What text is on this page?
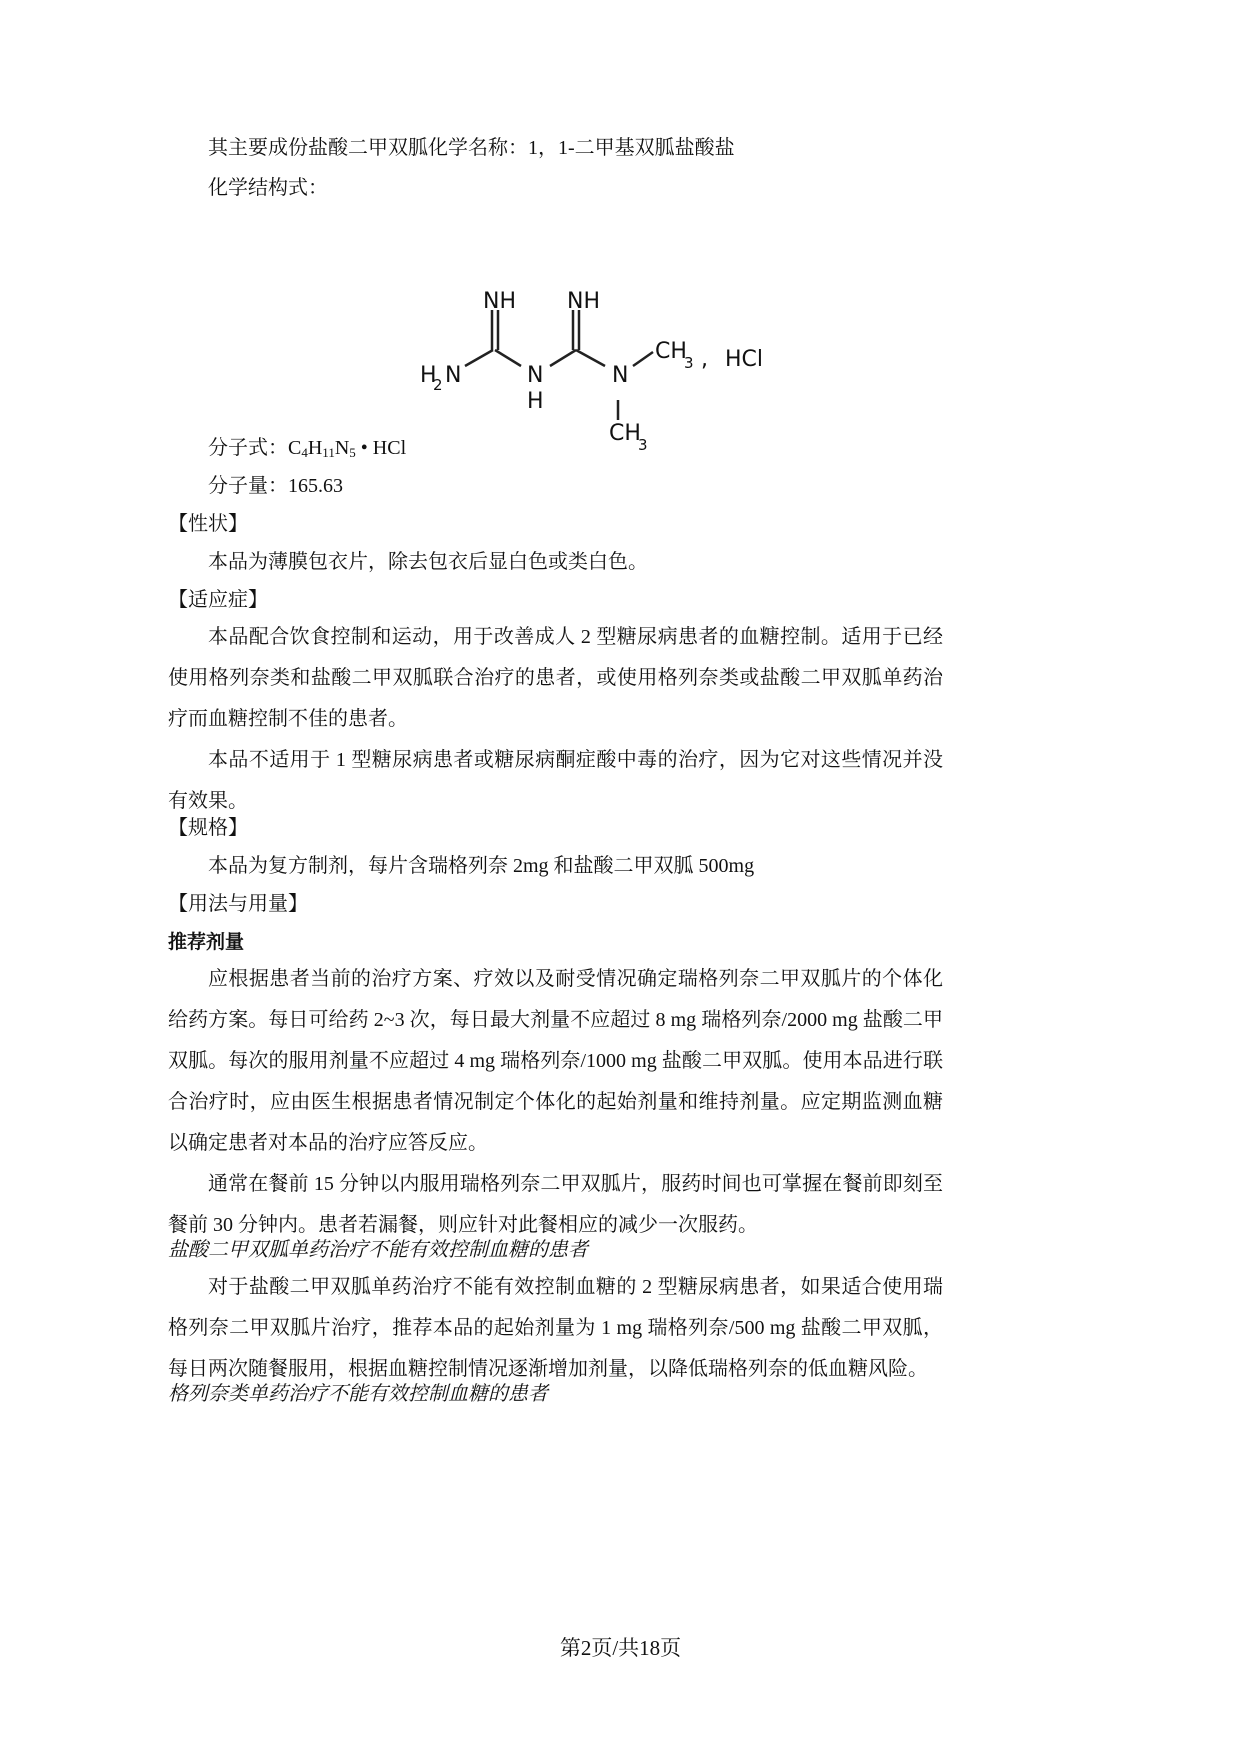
其主要成份盐酸二甲双胍化学名称：1，1-二甲基双胍盐酸盐
化学结构式：
分子式：$C_4H_{11}N_5$ • HCl
分子量：165.63
【性状】
本品为薄膜包衣片，除去包衣后显白色或类白色。
【适应症】
本品配合饮食控制和运动，用于改善成人 2 型糖尿病患者的血糖控制。适用于已经使用格列奈类和盐酸二甲双胍联合治疗的患者，或使用格列奈类或盐酸二甲双胍单药治疗而血糖控制不佳的患者。
本品不适用于 1 型糖尿病患者或糖尿病酮症酸中毒的治疗，因为它对这些情况并没有效果。
【规格】
本品为复方制剂，每片含瑞格列奈 2mg 和盐酸二甲双胍 500mg
【用法与用量】
推荐剂量
应根据患者当前的治疗方案、疗效以及耐受情况确定瑞格列奈二甲双胍片的个体化给药方案。每日可给药 2~3 次，每日最大剂量不应超过 8 mg 瑞格列奈/2000 mg 盐酸二甲双胍。每次的服用剂量不应超过 4 mg 瑞格列奈/1000 mg 盐酸二甲双胍。使用本品进行联合治疗时，应由医生根据患者情况制定个体化的起始剂量和维持剂量。应定期监测血糖以确定患者对本品的治疗应答反应。
通常在餐前 15 分钟以内服用瑞格列奈二甲双胍片，服药时间也可掌握在餐前即刻至餐前 30 分钟内。患者若漏餐，则应针对此餐相应的减少一次服药。
盐酸二甲双胍单药治疗不能有效控制血糖的患者
对于盐酸二甲双胍单药治疗不能有效控制血糖的 2 型糖尿病患者，如果适合使用瑞格列奈二甲双胍片治疗，推荐本品的起始剂量为 1 mg 瑞格列奈/500 mg 盐酸二甲双胍，每日两次随餐服用，根据血糖控制情况逐渐增加剂量，以降低瑞格列奈的低血糖风险。
格列奈类单药治疗不能有效控制血糖的患者
NH NH
H
2 N	N
H
N
CH
3 , HCl
CH
3
第2页/共18页
